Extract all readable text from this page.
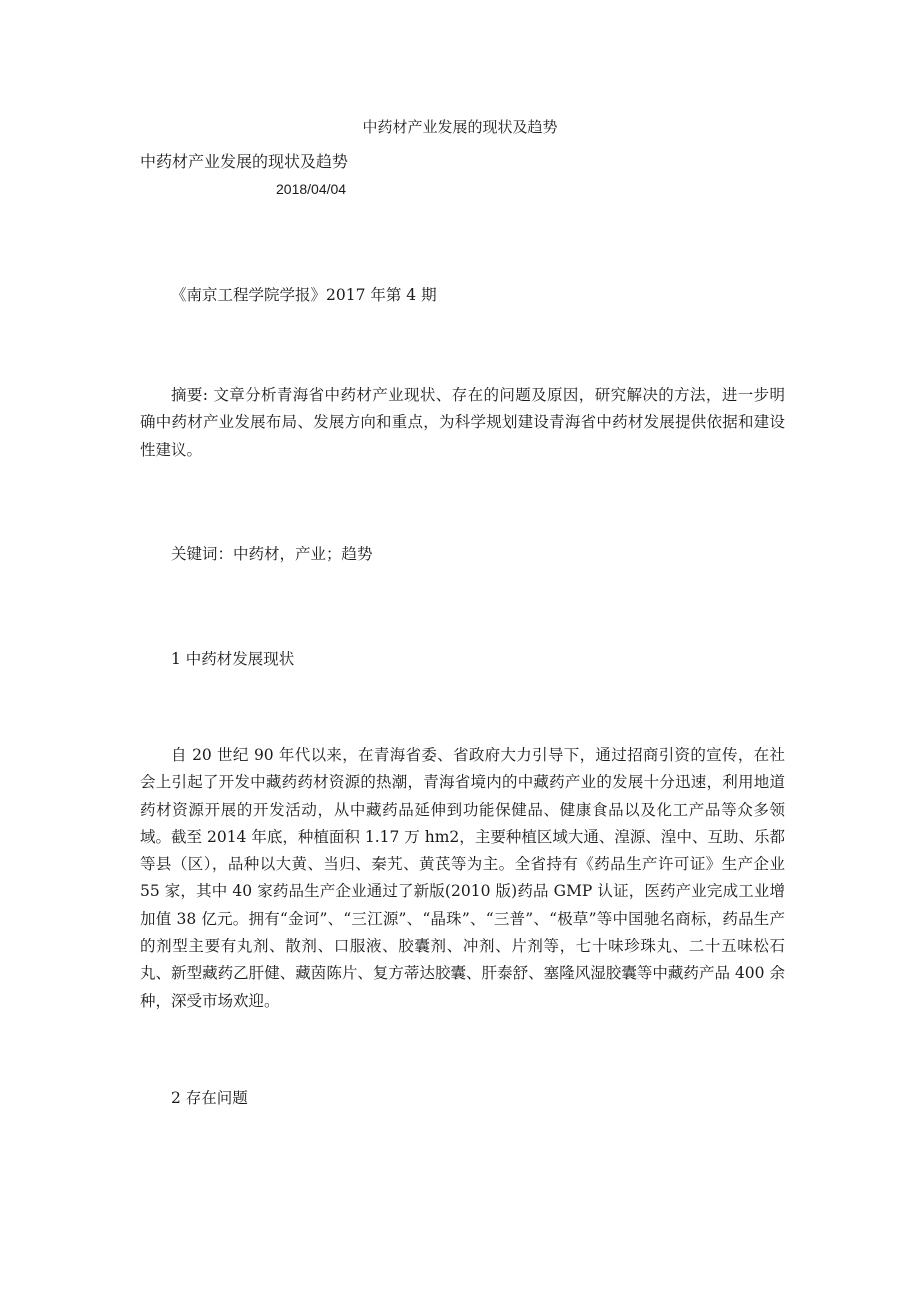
中药材产业发展的现状及趋势
中药材产业发展的现状及趋势
2018/04/04
《南京工程学院学报》2017 年第 4 期

摘要: 文章分析青海省中药材产业现状、存在的问题及原因，研究解决的方法，进一步明确中药材产业发展布局、发展方向和重点，为科学规划建设青海省中药材发展提供依据和建设性建议。

关键词：中药材，产业；趋势
1 中药材发展现状

自 20 世纪 90 年代以来，在青海省委、省政府大力引导下，通过招商引资的宣传，在社会上引起了开发中藏药药材资源的热潮，青海省境内的中藏药产业的发展十分迅速，利用地道药材资源开展的开发活动，从中藏药品延伸到功能保健品、健康食品以及化工产品等众多领域。截至 2014 年底，种植面积 1.17 万 hm2，主要种植区域大通、湟源、湟中、互助、乐都等县（区），品种以大黄、当归、秦艽、黄芪等为主。全省持有《药品生产许可证》生产企业 55 家，其中 40 家药品生产企业通过了新版(2010 版)药品 GMP 认证，医药产业完成工业增加值 38 亿元。拥有“金诃”、“三江源”、“晶珠”、“三普”、“极草”等中国驰名商标，药品生产的剂型主要有丸剂、散剂、口服液、胶囊剂、冲剂、片剂等，七十味珍珠丸、二十五味松石丸、新型藏药乙肝健、藏茵陈片、复方蒂达胶囊、肝泰舒、塞隆风湿胶囊等中藏药产品 400 余种，深受市场欢迎。

2 存在问题
